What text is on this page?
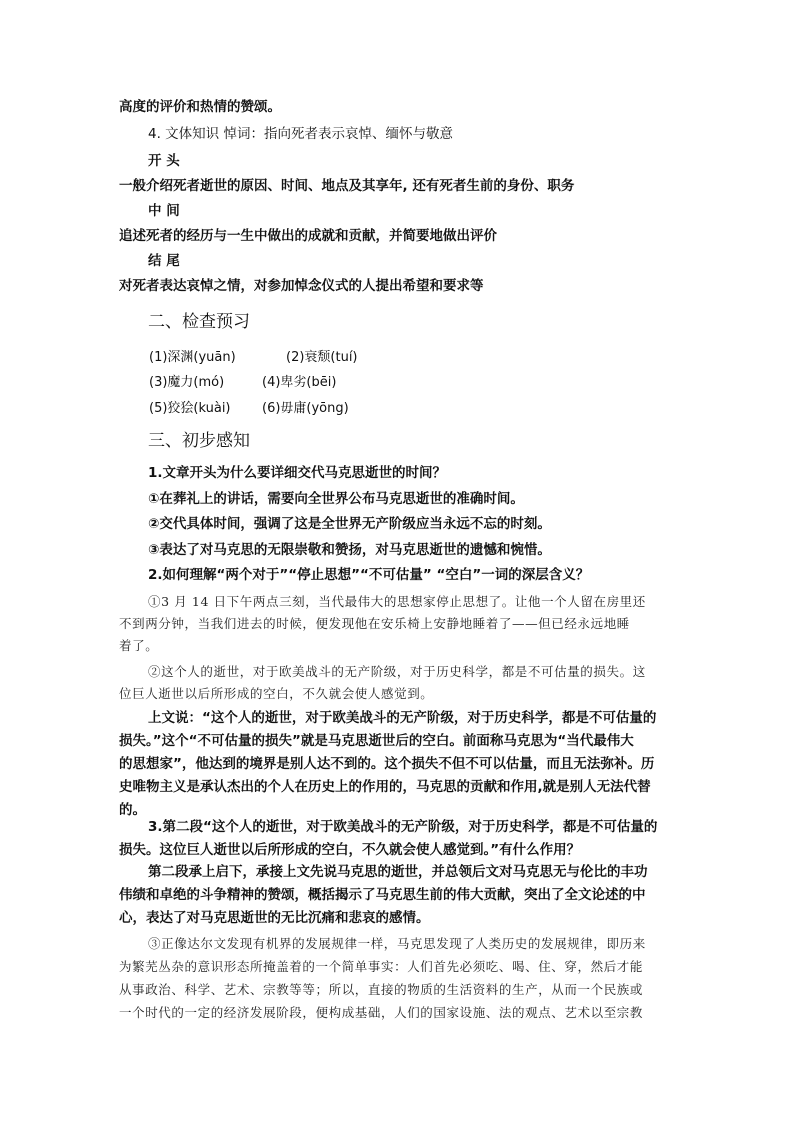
高度的评价和热情的赞颂。
4. 文体知识 悼词：指向死者表示哀悼、缅怀与敬意
开 头
一般介绍死者逝世的原因、时间、地点及其享年, 还有死者生前的身份、职务
中 间
追述死者的经历与一生中做出的成就和贡献，并简要地做出评价
结 尾
对死者表达哀悼之情，对参加悼念仪式的人提出希望和要求等
二、检查预习
(1)深渊(yuān)	(2)衰颓(tuí)
(3)魔力(mó)	(4)卑劣(bēi)
(5)狡狯(kuài) (6)毋庸(yōng)
三、初步感知
1.文章开头为什么要详细交代马克思逝世的时间？
①在葬礼上的讲话，需要向全世界公布马克思逝世的准确时间。
②交代具体时间，强调了这是全世界无产阶级应当永远不忘的时刻。
③表达了对马克思的无限崇敬和赞扬，对马克思逝世的遗憾和惋惜。
2.如何理解“两个对于”“停止思想”“不可估量” “空白”一词的深层含义？
①3 月 14 日下午两点三刻，当代最伟大的思想家停止思想了。让他一个人留在房里还
不到两分钟，当我们进去的时候，便发现他在安乐椅上安静地睡着了——但已经永远地睡
着了。
②这个人的逝世，对于欧美战斗的无产阶级，对于历史科学，都是不可估量的损失。这
位巨人逝世以后所形成的空白，不久就会使人感觉到。
上文说：“这个人的逝世，对于欧美战斗的无产阶级，对于历史科学，都是不可估量的
损失。”这个“不可估量的损失”就是马克思逝世后的空白。前面称马克思为“当代最伟大
的思想家”，他达到的境界是别人达不到的。这个损失不但不可以估量，而且无法弥补。历
史唯物主义是承认杰出的个人在历史上的作用的，马克思的贡献和作用,就是别人无法代替
的。
3.第二段“这个人的逝世，对于欧美战斗的无产阶级，对于历史科学，都是不可估量的
损失。这位巨人逝世以后所形成的空白，不久就会使人感觉到。”有什么作用？
第二段承上启下，承接上文先说马克思的逝世，并总领后文对马克思无与伦比的丰功
伟绩和卓绝的斗争精神的赞颂，概括揭示了马克思生前的伟大贡献，突出了全文论述的中
心，表达了对马克思逝世的无比沉痛和悲哀的感情。
③正像达尔文发现有机界的发展规律一样，马克思发现了人类历史的发展规律，即历来
为繁芜丛杂的意识形态所掩盖着的一个简单事实：人们首先必须吃、喝、住、穿，然后才能
从事政治、科学、艺术、宗教等等；所以，直接的物质的生活资料的生产，从而一个民族或
一个时代的一定的经济发展阶段，便构成基础，人们的国家设施、法的观点、艺术以至宗教
